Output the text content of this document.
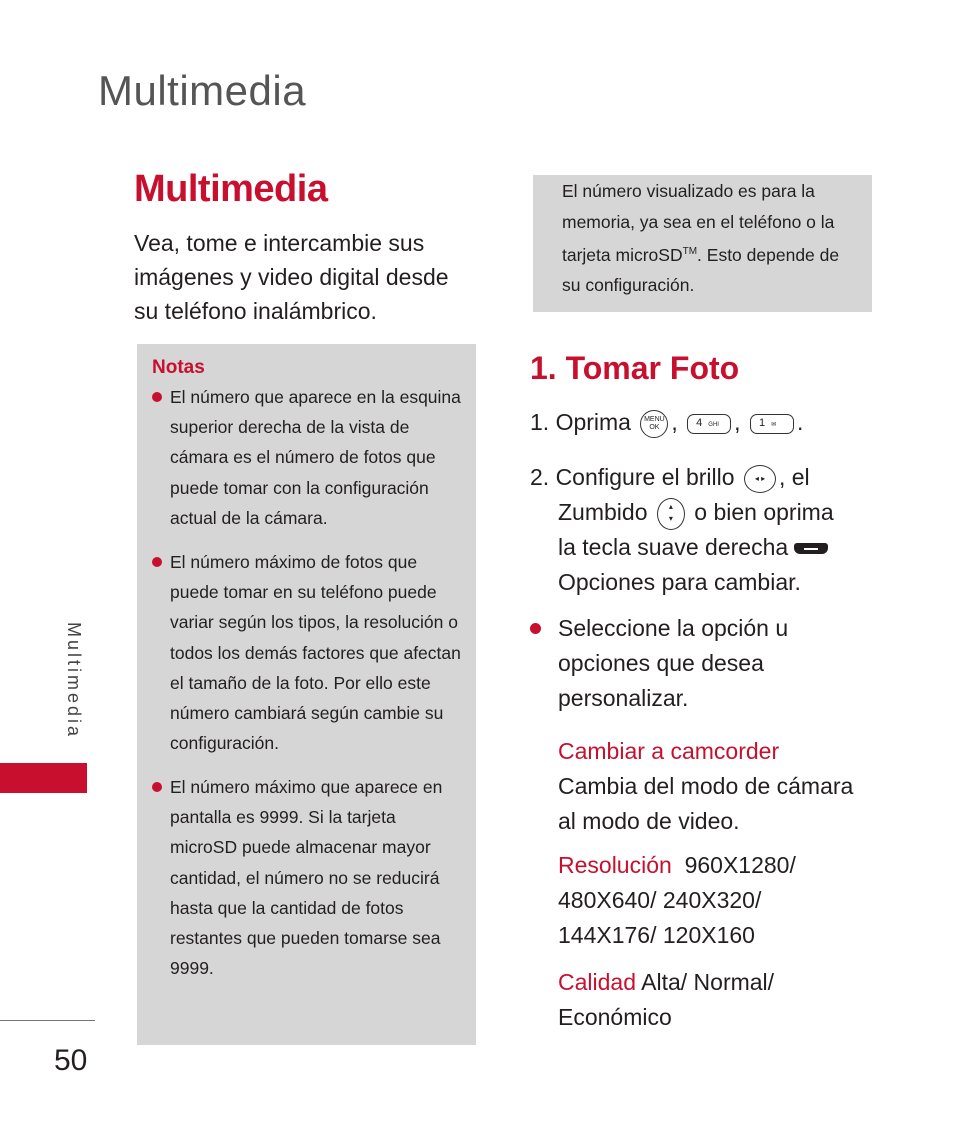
Multimedia
Multimedia

Vea, tome e intercambie sus imágenes y video digital desde su teléfono inalámbrico.

Notas

El número que aparece en la esquina superior derecha de la vista de cámara es el número de fotos que puede tomar con la configuración actual de la cámara.
El número máximo de fotos que puede tomar en su teléfono puede variar según los tipos, la resolución o todos los demás factores que afectan el tamaño de la foto. Por ello este número cambiará según cambie su configuración.
El número máximo que aparece en pantalla es 9999. Si la tarjeta microSD puede almacenar mayor cantidad, el número no se reducirá hasta que la cantidad de fotos restantes que pueden tomarse sea 9999.

El número visualizado es para la memoria, ya sea en el teléfono o la tarjeta microSD™. Esto depende de su configuración.

1. Tomar Foto

1. Oprima MENU
OK , 4 GHI , 1 ✉ .

2. Configure el brillo	◂ ▸ , el
Zumbido	▴
▾ o bien oprima
la tecla suave derecha
Opciones para cambiar.

Seleccione la opción u opciones que desea personalizar.

Cambiar a camcorder
Cambia del modo de cámara al modo de video.

Resolución 960X1280/ 480X640/ 240X320/ 144X176/ 120X160

Calidad Alta/ Normal/ Económico

Multimedia

50
